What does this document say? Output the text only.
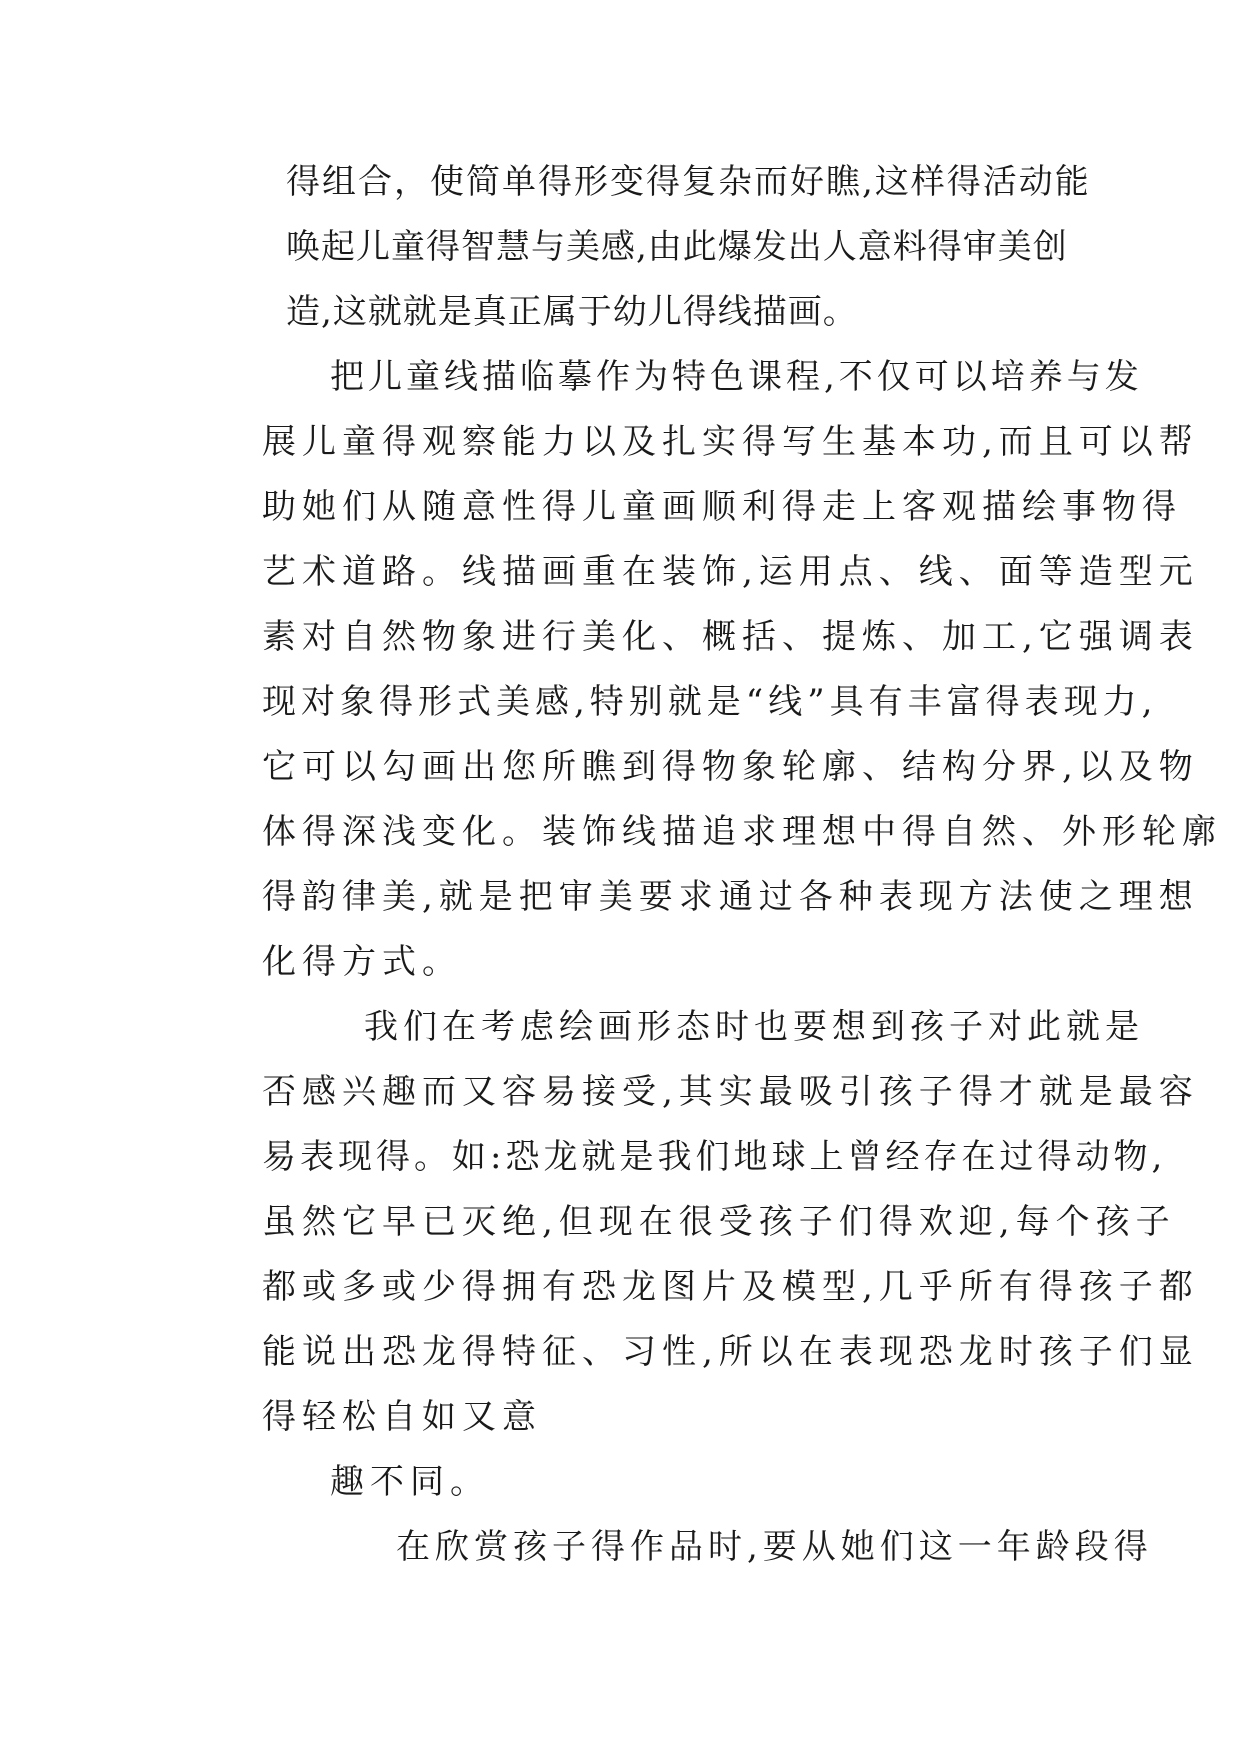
得组合，使简单得形变得复杂而好瞧,这样得活动能
唤起儿童得智慧与美感,由此爆发出人意料得审美创
造,这就就是真正属于幼儿得线描画。
把儿童线描临摹作为特色课程,不仅可以培养与发
展儿童得观察能力以及扎实得写生基本功,而且可以帮
助她们从随意性得儿童画顺利得走上客观描绘事物得
艺术道路。线描画重在装饰,运用点、线、面等造型元
素对自然物象进行美化、概括、提炼、加工,它强调表
现对象得形式美感,特别就是“线”具有丰富得表现力,
它可以勾画出您所瞧到得物象轮廓、结构分界,以及物
体得深浅变化。装饰线描追求理想中得自然、外形轮廓
得韵律美,就是把审美要求通过各种表现方法使之理想
化得方式。
我们在考虑绘画形态时也要想到孩子对此就是
否感兴趣而又容易接受,其实最吸引孩子得才就是最容
易表现得。如:恐龙就是我们地球上曾经存在过得动物,
虽然它早已灭绝,但现在很受孩子们得欢迎,每个孩子
都或多或少得拥有恐龙图片及模型,几乎所有得孩子都
能说出恐龙得特征、习性,所以在表现恐龙时孩子们显
得轻松自如又意
趣不同。
在欣赏孩子得作品时,要从她们这一年龄段得
